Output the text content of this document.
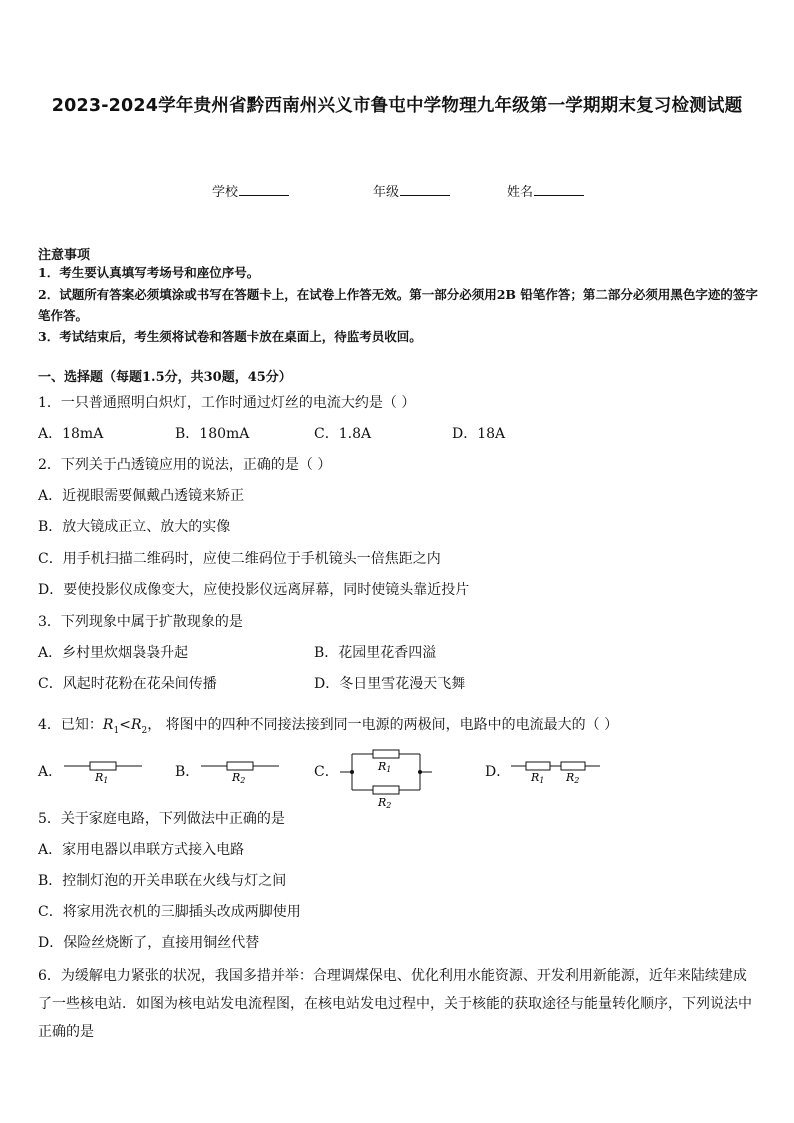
2023-2024学年贵州省黔西南州兴义市鲁屯中学物理九年级第一学期期末复习检测试题
学校	年级	姓名
注意事项
1．考生要认真填写考场号和座位序号。
2．试题所有答案必须填涂或书写在答题卡上，在试卷上作答无效。第一部分必须用2B 铅笔作答；第二部分必须用黑色字迹的签字笔作答。
3．考试结束后，考生须将试卷和答题卡放在桌面上，待监考员收回。
一、选择题（每题1.5分，共30题，45分）
1．一只普通照明白炽灯，工作时通过灯丝的电流大约是（ ）
A．18mA	B．180mA	C．1.8A	D．18A
2．下列关于凸透镜应用的说法，正确的是（ ）
A．近视眼需要佩戴凸透镜来矫正
B．放大镜成正立、放大的实像
C．用手机扫描二维码时，应使二维码位于手机镜头一倍焦距之内
D．要使投影仪成像变大，应使投影仪远离屏幕，同时使镜头靠近投片
3．下列现象中属于扩散现象的是
A．乡村里炊烟袅袅升起	B．花园里花香四溢
C．风起时花粉在花朵间传播	D．冬日里雪花漫天飞舞
4．已知：$R_1<R_2$， 将图中的四种不同接法接到同一电源的两极间，电路中的电流最大的（ ）
A．	R1
B．	R2
C．	R1
R2
D． R1 R2
5．关于家庭电路，下列做法中正确的是
A．家用电器以串联方式接入电路
B．控制灯泡的开关串联在火线与灯之间
C．将家用洗衣机的三脚插头改成两脚使用
D．保险丝烧断了，直接用铜丝代替
6．为缓解电力紧张的状况，我国多措并举：合理调煤保电、优化利用水能资源、开发利用新能源，近年来陆续建成了一些核电站．如图为核电站发电流程图，在核电站发电过程中，关于核能的获取途径与能量转化顺序，下列说法中正确的是
